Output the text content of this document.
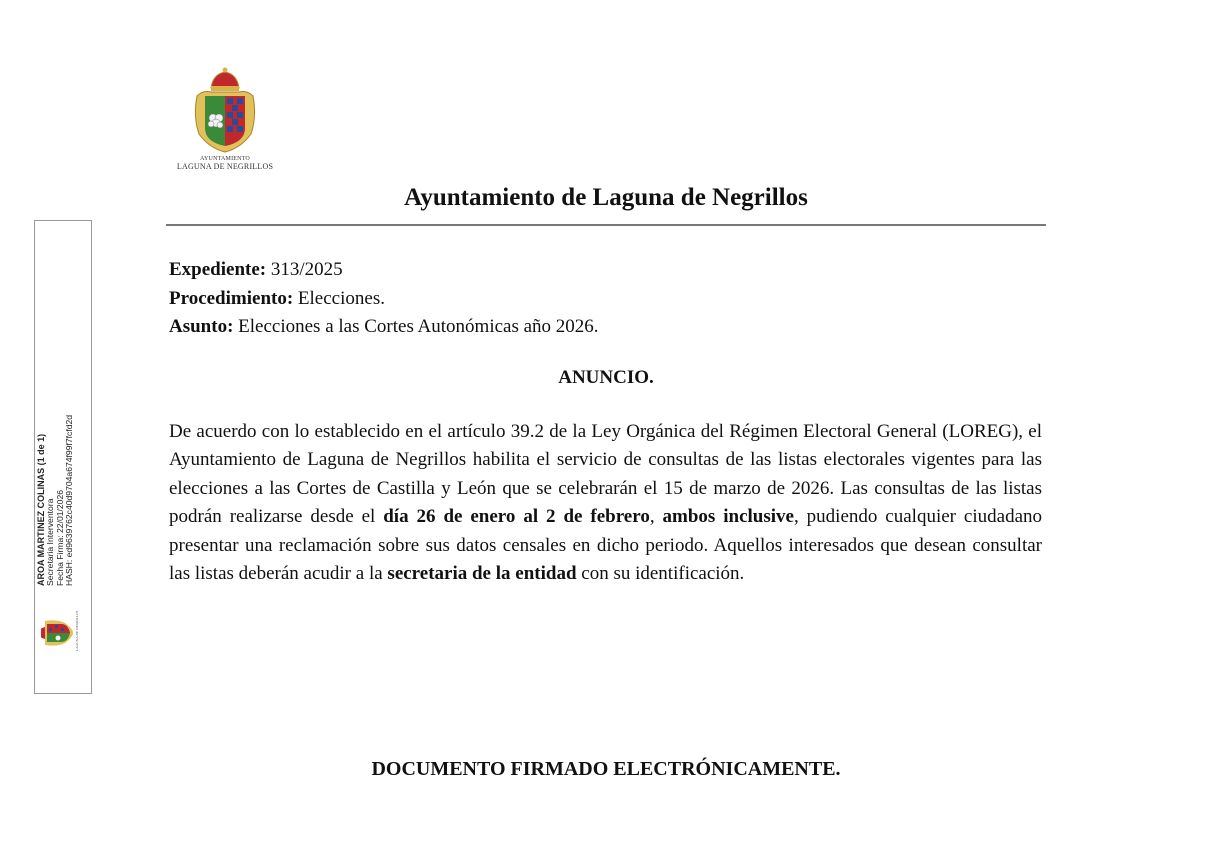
AYUNTAMIENTO
LAGUNA DE NEGRILLOS
Ayuntamiento de Laguna de Negrillos
Expediente: 313/2025
Procedimiento: Elecciones.
Asunto: Elecciones a las Cortes Autonómicas año 2026.
ANUNCIO.
De acuerdo con lo establecido en el artículo 39.2 de la Ley Orgánica del Régimen Electoral General (LOREG), el Ayuntamiento de Laguna de Negrillos habilita el servicio de consultas de las listas electorales vigentes para las elecciones a las Cortes de Castilla y León que se celebrarán el 15 de marzo de 2026. Las consultas de las listas podrán realizarse desde el día 26 de enero al 2 de febrero, ambos inclusive, pudiendo cualquier ciudadano presentar una reclamación sobre sus datos censales en dicho periodo. Aquellos interesados que desean consultar las listas deberán acudir a la secretaria de la entidad con su identificación.
DOCUMENTO FIRMADO ELECTRÓNICAMENTE.
AROA MARTINEZ COLINAS (1 de 1) Secretaria Interventora Fecha Firma: 22/01/2026 HASH: ed9639762c40d9704a674f99f7fcfd2d
LAGUNA DE NEGRILLOS
